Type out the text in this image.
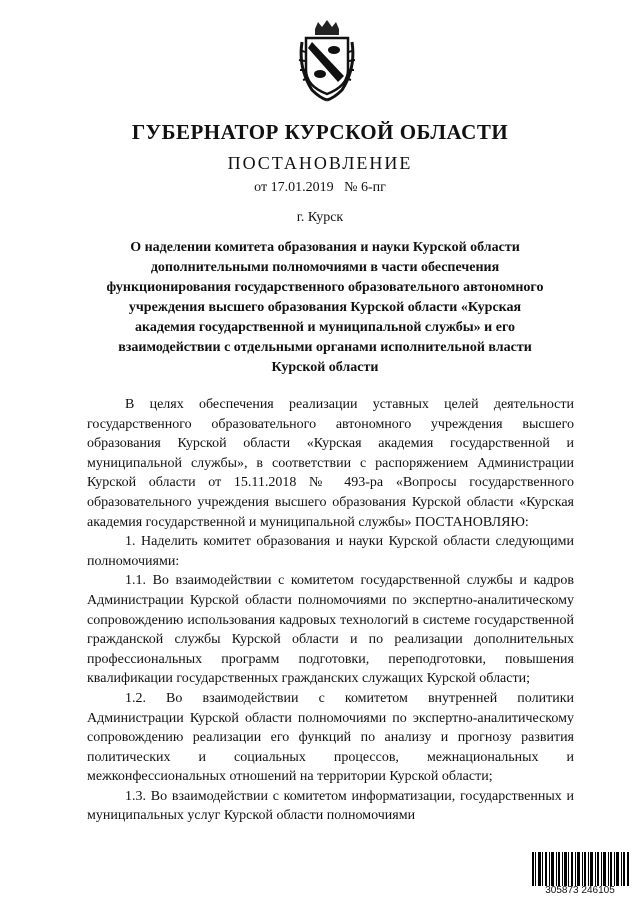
ГУБЕРНАТОР КУРСКОЙ ОБЛАСТИ
ПОСТАНОВЛЕНИЕ
от 17.01.2019   № 6-пг
г. Курск
О наделении комитета образования и науки Курской области дополнительными полномочиями в части обеспечения функционирования государственного образовательного автономного учреждения высшего образования Курской области «Курская академия государственной и муниципальной службы» и его взаимодействии с отдельными органами исполнительной власти Курской области

В целях обеспечения реализации уставных целей деятельности государственного образовательного автономного учреждения высшего образования Курской области «Курская академия государственной и муниципальной службы», в соответствии с распоряжением Администрации Курской области от 15.11.2018 № 493-ра «Вопросы государственного образовательного учреждения высшего образования Курской области «Курская академия государственной и муниципальной службы» ПОСТАНОВЛЯЮ:

1. Наделить комитет образования и науки Курской области следующими полномочиями:

1.1. Во взаимодействии с комитетом государственной службы и кадров Администрации Курской области полномочиями по экспертно-аналитическому сопровождению использования кадровых технологий в системе государственной гражданской службы Курской области и по реализации дополнительных профессиональных программ подготовки, переподготовки, повышения квалификации государственных гражданских служащих Курской области;

1.2. Во взаимодействии с комитетом внутренней политики Администрации Курской области полномочиями по экспертно-аналитическому сопровождению реализации его функций по анализу и прогнозу развития политических и социальных процессов, межнациональных и межконфессиональных отношений на территории Курской области;

1.3. Во взаимодействии с комитетом информатизации, государственных и муниципальных услуг Курской области полномочиями

305873 246105
